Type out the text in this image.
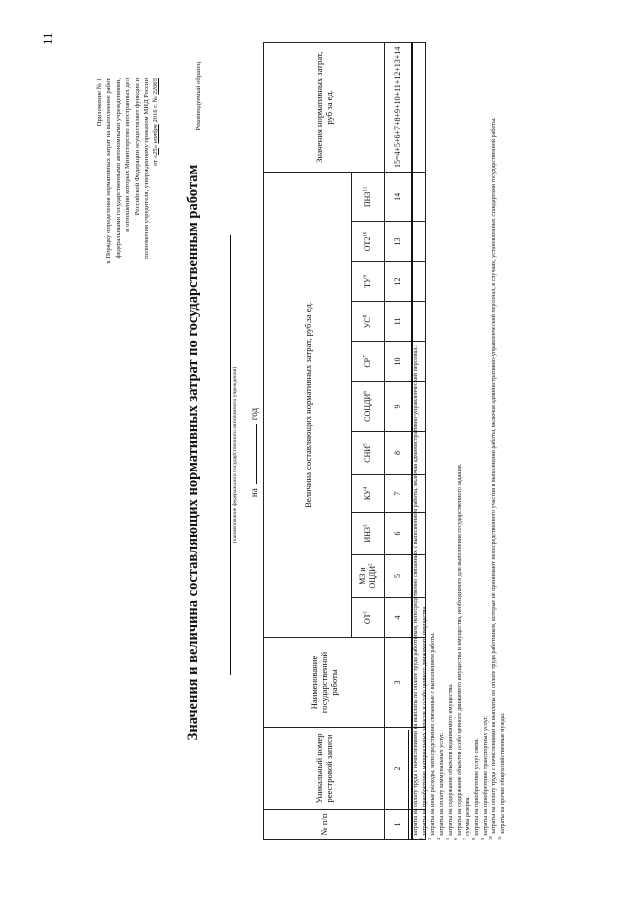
11
Приложение № 1 к Порядку определения нормативных затрат на выполнение работ федеральными государственными автономными учреждениями, в отношении которых Министерство иностранных дел Российской Федерации осуществляет функции и полномочия учредителя, утвержденному приказом МИД России от «25» ноября 2016 г. № 22065	Рекомендуемый образец
Значения и величина составляющих нормативных затрат по государственным работам	(наименование федерального государственного автономного учреждения) нагод
№ п/п	Уникальный номер реестровой записи	Наименование государственной работы	Величина составляющих нормативных затрат, руб.за ед.											Значения нормативных затрат, руб за ед.
			$ОТ^1$	МЗ и ОЦДИ$^2$	ИНЗ$^3$	$КУ^4$	СНИ$^5$	СОЦДИ$^6$	$СР^7$	$УС^8$	$ТУ^9$	$ОТ2^{10}$	ПНЗ$^{11}$
1	2	3	4	5	6	7	8	9	10	11	12	13	14	15=4+5+6+7+8+9+10+11+12+13+14

$^1$затраты на оплату труда с начислениями на выплаты по оплате труда работников, непосредственно связанных с выполнением работы, включая административно-управленческий персонал.
$^2$затраты на приобретение материальных запасов и особо ценного движимого имущества.
$^3$затраты на иные расходы, непосредственно связанные с выполнением работы.
$^4$затраты на оплату коммунальных услуг.
$^5$затраты на содержание объектов недвижимого имущества.
$^6$затраты на содержание объектов особо ценного движимого имущества и имущества, необходимого для выполнения государственного задания.
$^7$суммы резерва.
$^8$затраты на приобретение услуг связи.
$^9$затраты на приобретение транспортных услуг.
$^{10}$затраты на оплату труда с начислениями на выплаты по оплате труда работников, которые не принимают непосредственного участия в выполнении работы, включая административно-управленческий персонал, в случаях, установленных стандартами государственной работы.
$^{11}$затраты на прочие общехозяйственные нужды.
